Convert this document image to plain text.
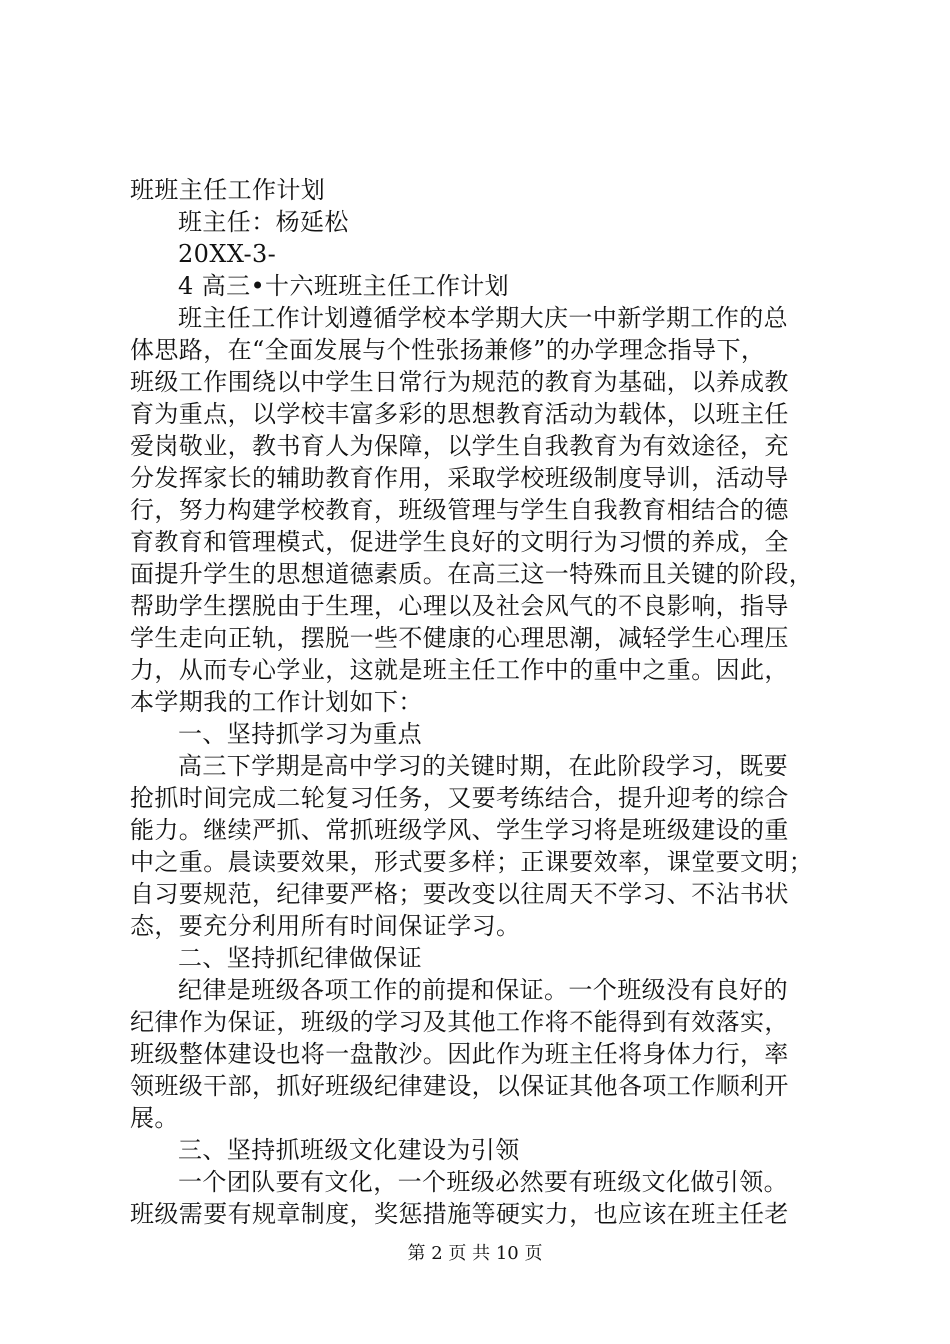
班班主任工作计划
班主任：杨延松
20XX-3-
4 高三•十六班班主任工作计划
班主任工作计划遵循学校本学期大庆一中新学期工作的总
体思路，在“全面发展与个性张扬兼修”的办学理念指导下，
班级工作围绕以中学生日常行为规范的教育为基础，以养成教
育为重点，以学校丰富多彩的思想教育活动为载体，以班主任
爱岗敬业，教书育人为保障，以学生自我教育为有效途径，充
分发挥家长的辅助教育作用，采取学校班级制度导训，活动导
行，努力构建学校教育，班级管理与学生自我教育相结合的德
育教育和管理模式，促进学生良好的文明行为习惯的养成，全
面提升学生的思想道德素质。在高三这一特殊而且关键的阶段，
帮助学生摆脱由于生理，心理以及社会风气的不良影响，指导
学生走向正轨，摆脱一些不健康的心理思潮，减轻学生心理压
力，从而专心学业，这就是班主任工作中的重中之重。因此，
本学期我的工作计划如下：
一、坚持抓学习为重点
高三下学期是高中学习的关键时期，在此阶段学习，既要
抢抓时间完成二轮复习任务，又要考练结合，提升迎考的综合
能力。继续严抓、常抓班级学风、学生学习将是班级建设的重
中之重。晨读要效果，形式要多样；正课要效率，课堂要文明；
自习要规范，纪律要严格；要改变以往周天不学习、不沾书状
态，要充分利用所有时间保证学习。
二、坚持抓纪律做保证
纪律是班级各项工作的前提和保证。一个班级没有良好的
纪律作为保证，班级的学习及其他工作将不能得到有效落实，
班级整体建设也将一盘散沙。因此作为班主任将身体力行，率
领班级干部，抓好班级纪律建设，以保证其他各项工作顺利开
展。
三、坚持抓班级文化建设为引领
一个团队要有文化，一个班级必然要有班级文化做引领。
班级需要有规章制度，奖惩措施等硬实力，也应该在班主任老
第 2 页 共 10 页
